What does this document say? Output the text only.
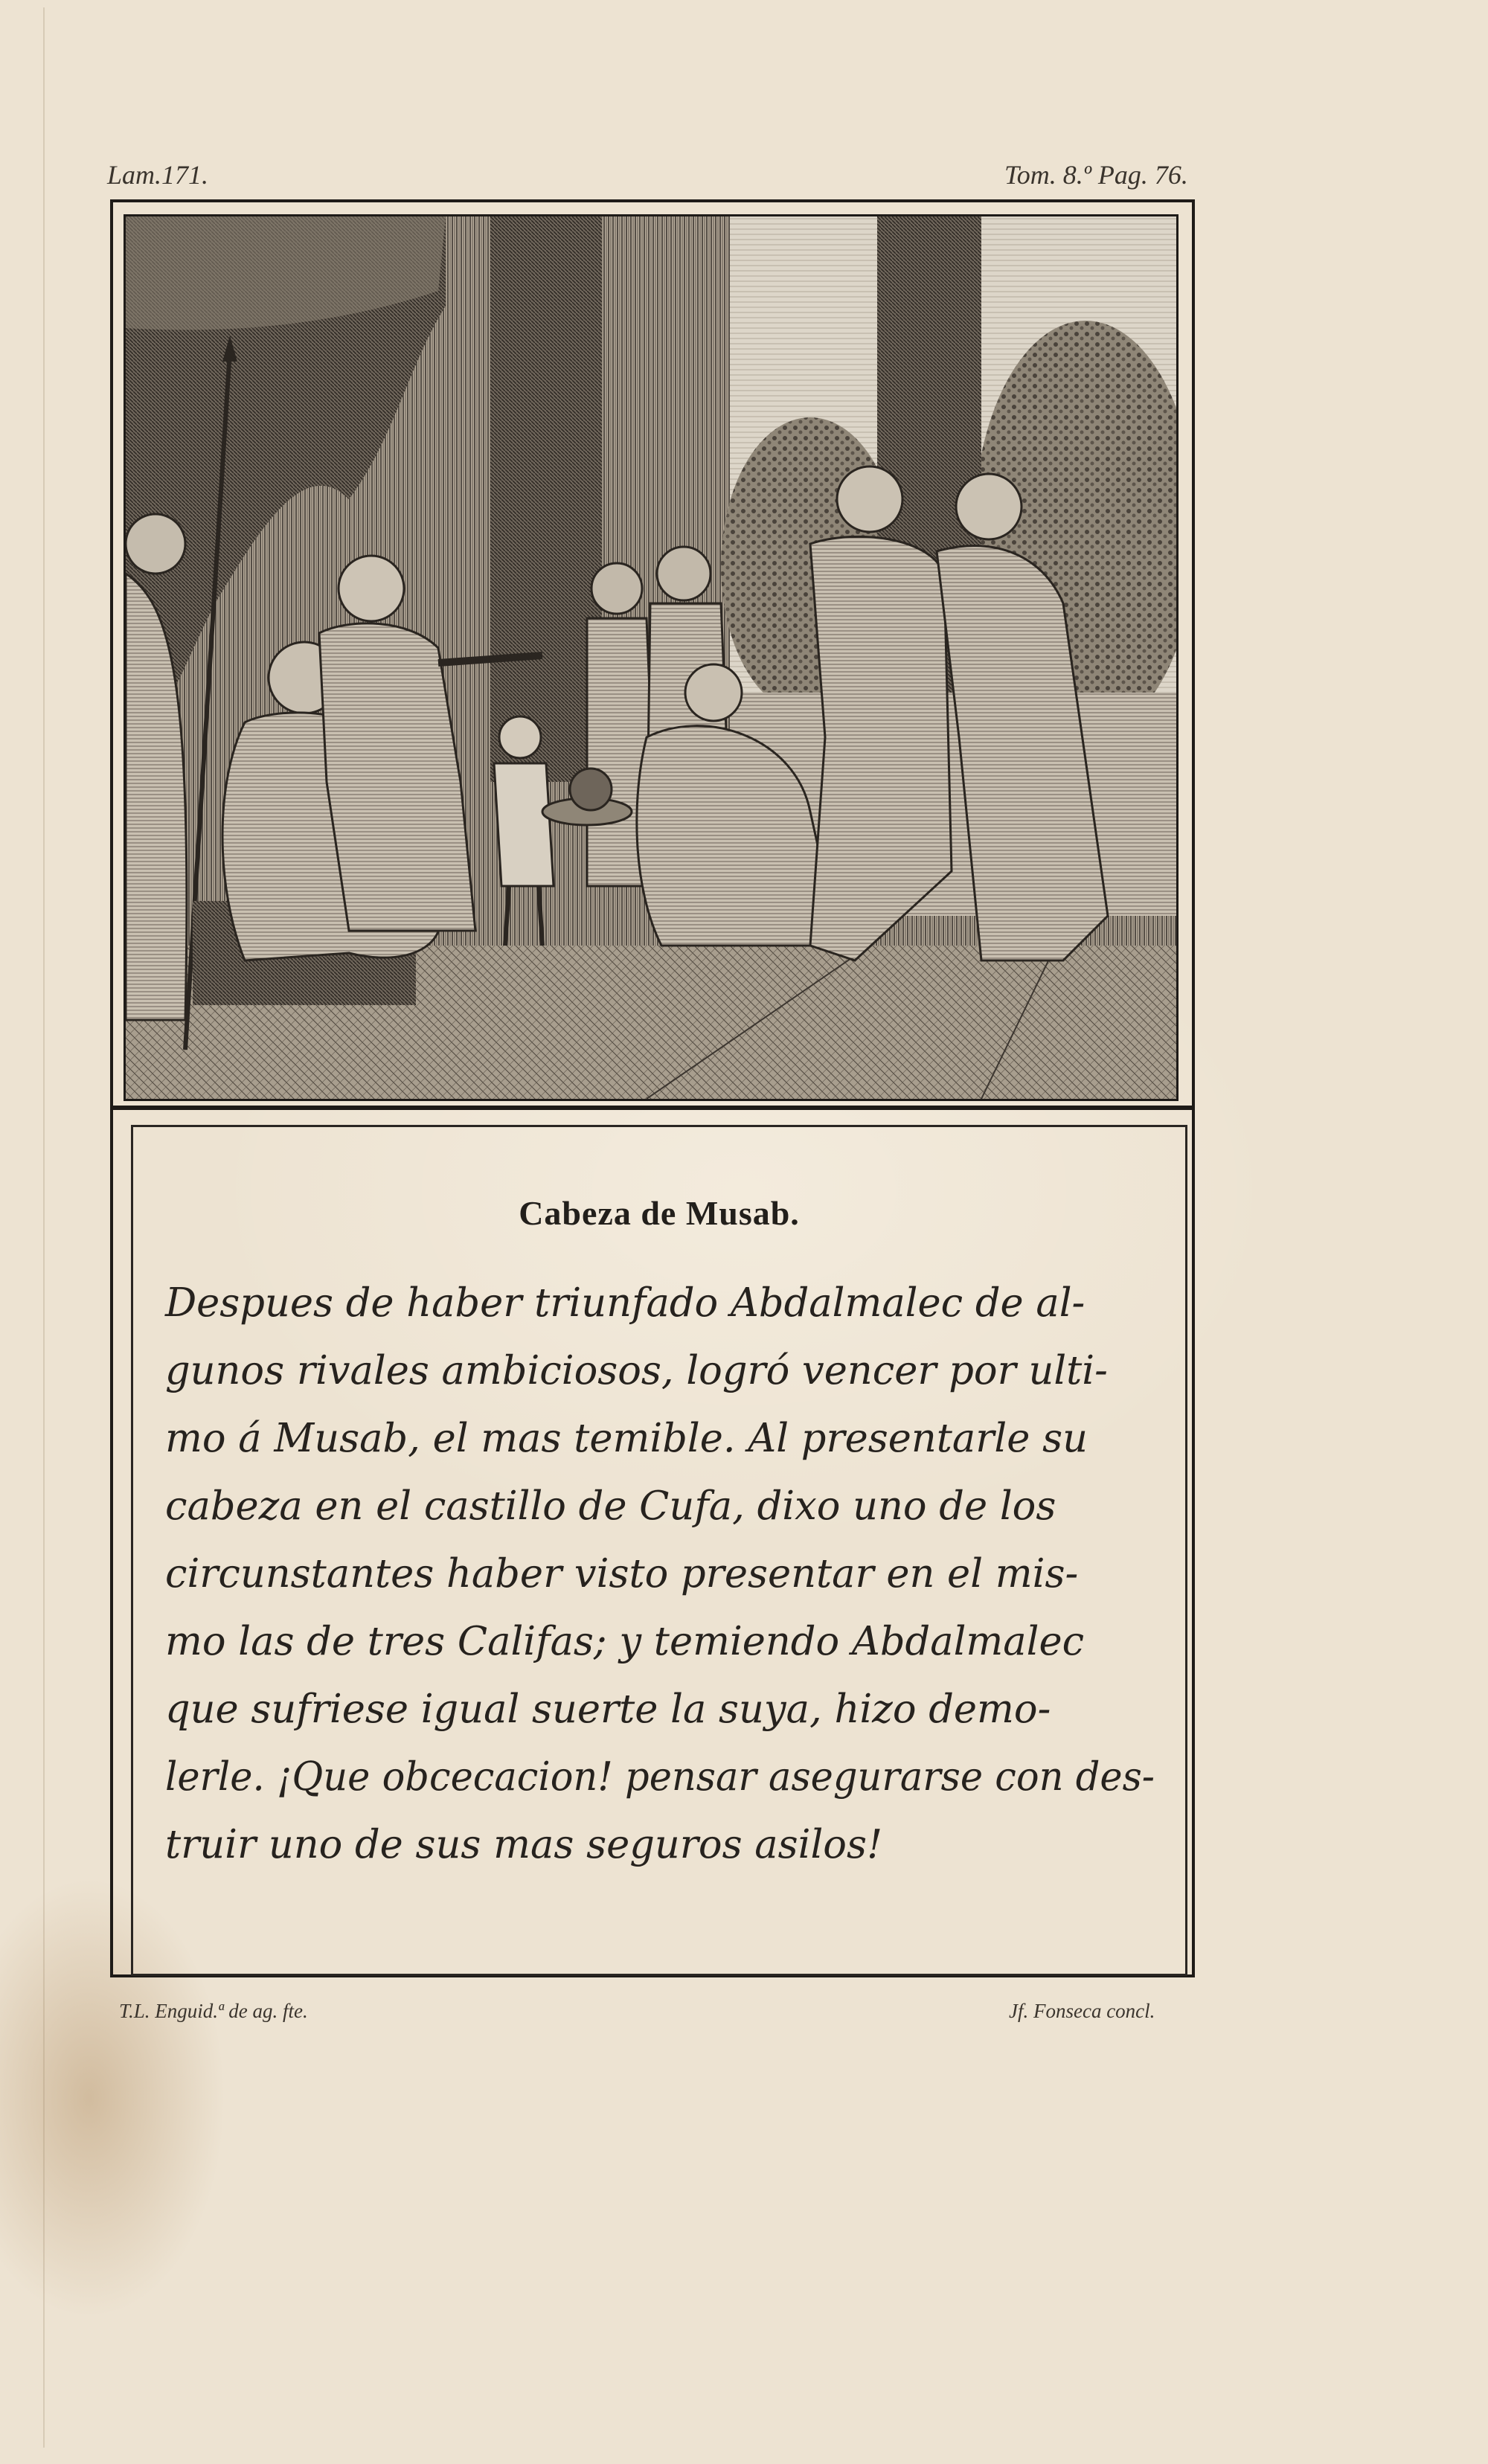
Lam.171.	Tom. 8.º Pag. 76.
Cabeza de Musab.
Despues de haber triunfado Abdalmalec de al-
gunos rivales ambiciosos, logró vencer por ulti-
mo á Musab, el mas temible. Al presentarle su
cabeza en el castillo de Cufa, dixo uno de los
circunstantes haber visto presentar en el mis-
mo las de tres Califas; y temiendo Abdalmalec
que sufriese igual suerte la suya, hizo demo-
lerle. ¡Que obcecacion! pensar asegurarse con des-
truir uno de sus mas seguros asilos!
T.L. Enguid.ª de ag. fte.	Jf. Fonseca concl.
